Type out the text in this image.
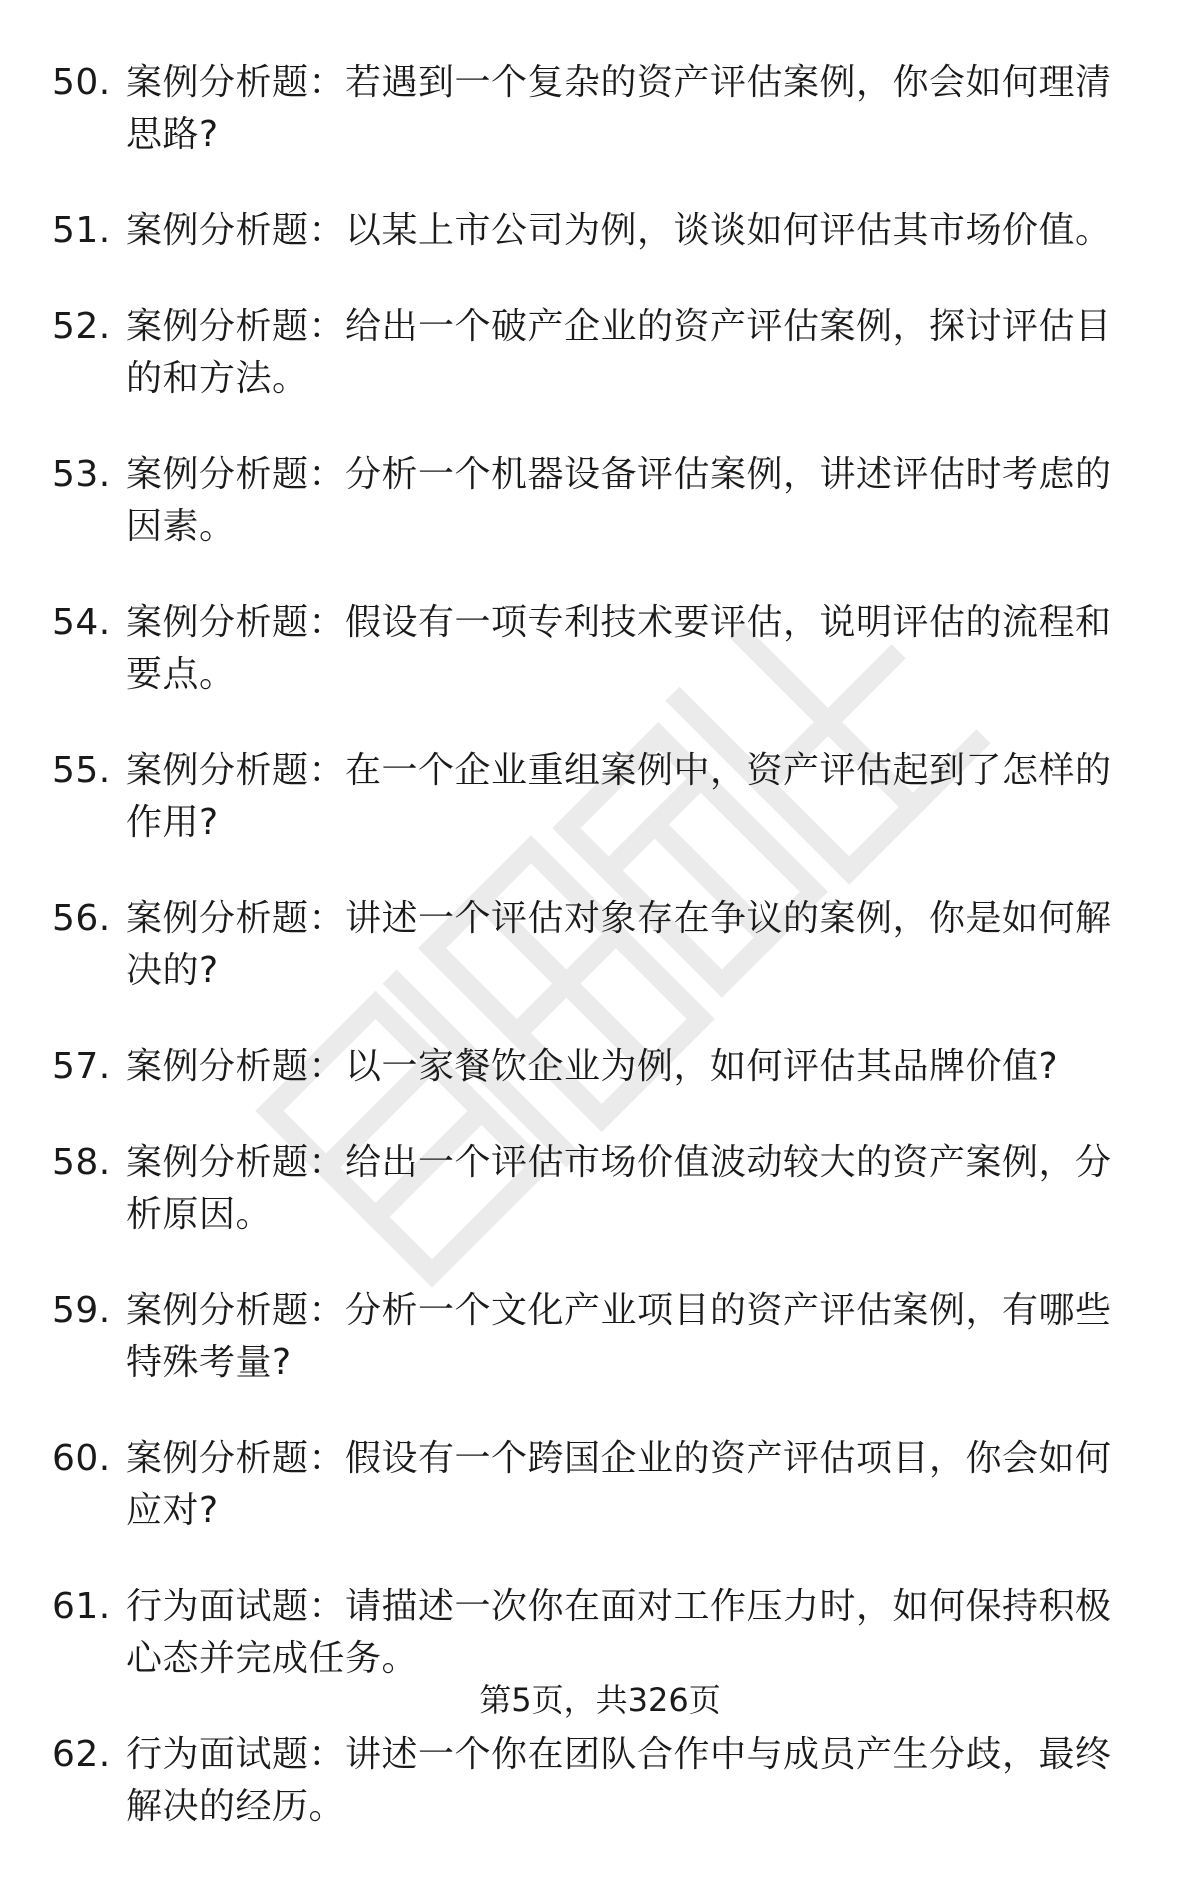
50. 案例分析题：若遇到一个复杂的资产评估案例，你会如何理清思路?
51. 案例分析题：以某上市公司为例，谈谈如何评估其市场价值。
52. 案例分析题：给出一个破产企业的资产评估案例，探讨评估目的和方法。
53. 案例分析题：分析一个机器设备评估案例，讲述评估时考虑的因素。
54. 案例分析题：假设有一项专利技术要评估，说明评估的流程和要点。
55. 案例分析题：在一个企业重组案例中，资产评估起到了怎样的作用?
56. 案例分析题：讲述一个评估对象存在争议的案例，你是如何解决的?
57. 案例分析题：以一家餐饮企业为例，如何评估其品牌价值?
58. 案例分析题：给出一个评估市场价值波动较大的资产案例，分析原因。
59. 案例分析题：分析一个文化产业项目的资产评估案例，有哪些特殊考量?
60. 案例分析题：假设有一个跨国企业的资产评估项目，你会如何应对?
61. 行为面试题：请描述一次你在面对工作压力时，如何保持积极心态并完成任务。
62. 行为面试题：讲述一个你在团队合作中与成员产生分歧，最终解决的经历。
第5页，共326页
